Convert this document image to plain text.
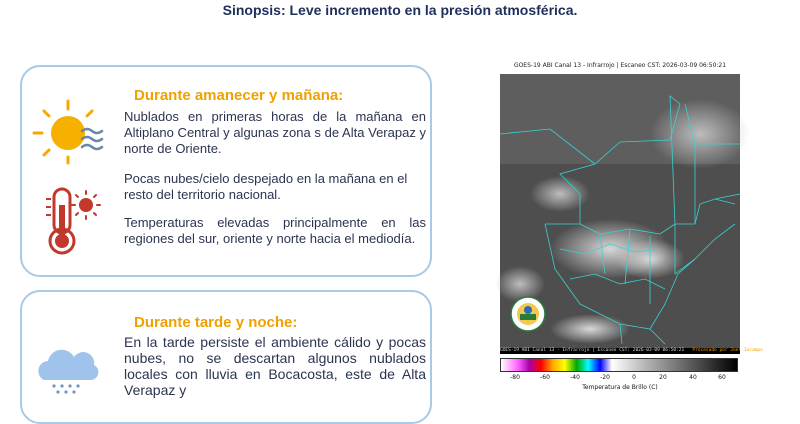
Sinopsis: Leve incremento en la presión atmosférica.
Durante amanecer y mañana:
Nublados en primeras horas de la mañana en Altiplano Central y algunas zona s de Alta Verapaz y norte de Oriente.
Pocas nubes/cielo despejado en la mañana en el resto del territorio nacional.
Temperaturas elevadas principalmente en las regiones del sur, oriente y norte hacia el mediodía.
Durante tarde y noche:
En la tarde persiste el ambiente cálido y pocas nubes, no se descartan algunos nublados locales con lluvia en Bocacosta, este de Alta Verapaz y
GOES-19 ABI Canal 13 - Infrarrojo | Escaneo CST: 2026-03-09 06:50:21
GOES-19 ABI Canal 13 - Infrarrojo | Escaneo CST: 2026-03-09 06:50:21 Procesado por Joel Iocampo
-80	-60	-40	-20	0	20	40	60
Temperatura de Brillo (C)
